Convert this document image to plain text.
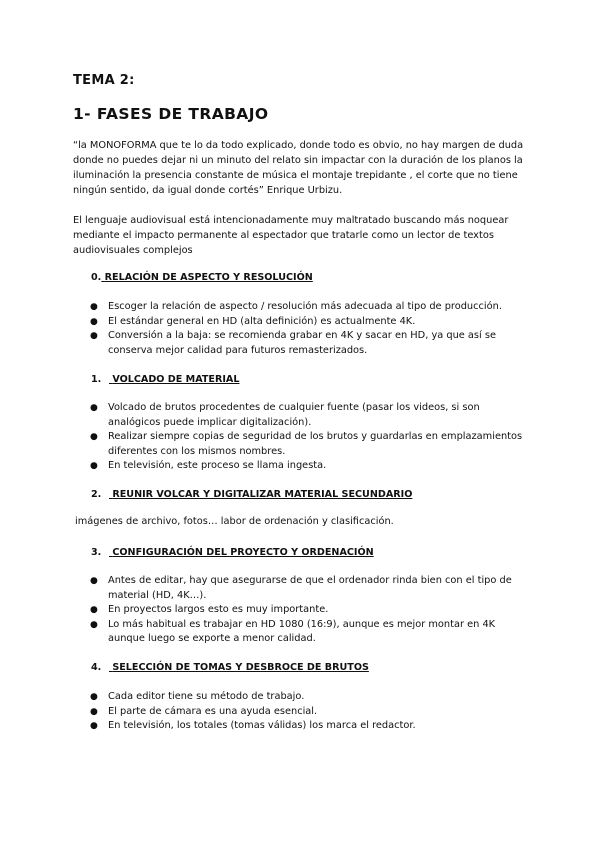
TEMA 2:
1- FASES DE TRABAJO
“la MONOFORMA que te lo da todo explicado, donde todo es obvio, no hay margen de duda donde no puedes dejar ni un minuto del relato sin impactar con la duración de los planos la iluminación la presencia constante de música el montaje trepidante , el corte que no tiene ningún sentido, da igual donde cortés” Enrique Urbizu.
El lenguaje audiovisual está intencionadamente muy maltratado buscando más noquear mediante el impacto permanente al espectador que tratarle como un lector de textos audiovisuales complejos
0. RELACIÓN DE ASPECTO Y RESOLUCIÓN
● Escoger la relación de aspecto / resolución más adecuada al tipo de producción.
● El estándar general en HD (alta definición) es actualmente 4K.
● Conversión a la baja: se recomienda grabar en 4K y sacar en HD, ya que así se conserva mejor calidad para futuros remasterizados.
1. VOLCADO DE MATERIAL
● Volcado de brutos procedentes de cualquier fuente (pasar los videos, si son analógicos puede implicar digitalización).
● Realizar siempre copias de seguridad de los brutos y guardarlas en emplazamientos diferentes con los mismos nombres.
● En televisión, este proceso se llama ingesta.
2. REUNIR VOLCAR Y DIGITALIZAR MATERIAL SECUNDARIO
imágenes de archivo, fotos… labor de ordenación y clasificación.
3. CONFIGURACIÓN DEL PROYECTO Y ORDENACIÓN
● Antes de editar, hay que asegurarse de que el ordenador rinda bien con el tipo de material (HD, 4K…).
● En proyectos largos esto es muy importante.
● Lo más habitual es trabajar en HD 1080 (16:9), aunque es mejor montar en 4K aunque luego se exporte a menor calidad.
4. SELECCIÓN DE TOMAS Y DESBROCE DE BRUTOS
● Cada editor tiene su método de trabajo.
● El parte de cámara es una ayuda esencial.
● En televisión, los totales (tomas válidas) los marca el redactor.
